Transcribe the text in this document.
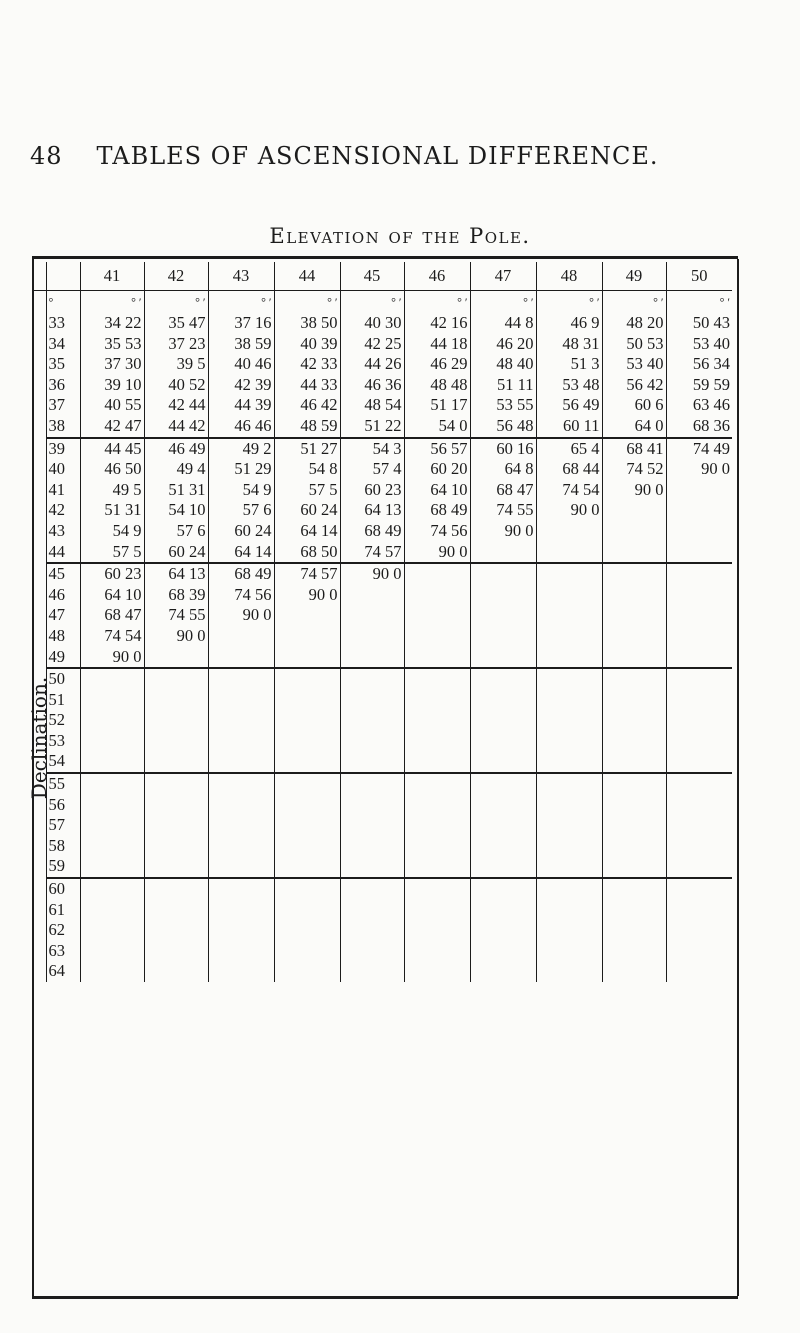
48 TABLES OF ASCENSIONAL DIFFERENCE.
Elevation of the Pole.
Declination.
		41	42	43	44	45	46	47	48	49	50
	°	° ′	° ′	° ′	° ′	° ′	° ′	° ′	° ′	° ′	° ′
	33	34 22	35 47	37 16	38 50	40 30	42 16	44 8	46 9	48 20	50 43
	34	35 53	37 23	38 59	40 39	42 25	44 18	46 20	48 31	50 53	53 40
	35	37 30	39 5	40 46	42 33	44 26	46 29	48 40	51 3	53 40	56 34
	36	39 10	40 52	42 39	44 33	46 36	48 48	51 11	53 48	56 42	59 59
	37	40 55	42 44	44 39	46 42	48 54	51 17	53 55	56 49	60 6	63 46
	38	42 47	44 42	46 46	48 59	51 22	54 0	56 48	60 11	64 0	68 36
	39	44 45	46 49	49 2	51 27	54 3	56 57	60 16	65 4	68 41	74 49
	40	46 50	49 4	51 29	54 8	57 4	60 20	64 8	68 44	74 52	90 0
	41	49 5	51 31	54 9	57 5	60 23	64 10	68 47	74 54	90 0	
	42	51 31	54 10	57 6	60 24	64 13	68 49	74 55	90 0		
	43	54 9	57 6	60 24	64 14	68 49	74 56	90 0			
	44	57 5	60 24	64 14	68 50	74 57	90 0				
	45	60 23	64 13	68 49	74 57	90 0					
	46	64 10	68 39	74 56	90 0						
	47	68 47	74 55	90 0							
	48	74 54	90 0								
	49	90 0									
	50										
	51										
	52										
	53										
	54										
	55										
	56										
	57										
	58										
	59										
	60										
	61										
	62										
	63										
	64										
